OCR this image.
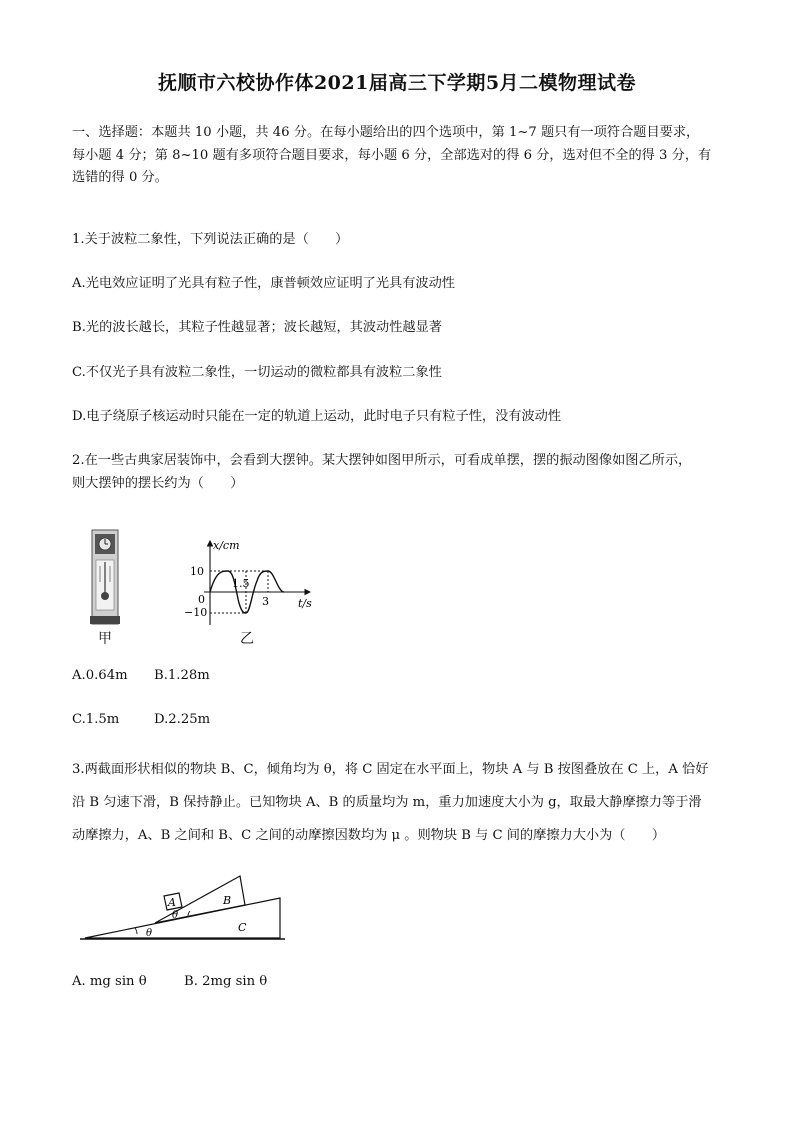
抚顺市六校协作体2021届高三下学期5月二模物理试卷
一、选择题：本题共 10 小题，共 46 分。在每小题给出的四个选项中，第 1~7 题只有一项符合题目要求，
每小题 4 分；第 8~10 题有多项符合题目要求，每小题 6 分，全部选对的得 6 分，选对但不全的得 3 分，有
选错的得 0 分。
1.关于波粒二象性，下列说法正确的是（　　）
A.光电效应证明了光具有粒子性，康普顿效应证明了光具有波动性
B.光的波长越长，其粒子性越显著；波长越短，其波动性越显著
C.不仅光子具有波粒二象性，一切运动的微粒都具有波粒二象性
D.电子绕原子核运动时只能在一定的轨道上运动，此时电子只有粒子性，没有波动性
2.在一些古典家居装饰中，会看到大摆钟。某大摆钟如图甲所示，可看成单摆，摆的振动图像如图乙所示，
则大摆钟的摆长约为（　　）
甲
x/cm
t/s
10
−10
0
1.5
3
乙
A.0.64m B.1.28m
C.1.5m	D.2.25m
3.两截面形状相似的物块 B、C，倾角均为 θ，将 C 固定在水平面上，物块 A 与 B 按图叠放在 C 上，A 恰好
沿 B 匀速下滑，B 保持静止。已知物块 A、B 的质量均为 m，重力加速度大小为 g，取最大静摩擦力等于滑
动摩擦力，A、B 之间和 B、C 之间的动摩擦因数均为 μ 。则物块 B 与 C 间的摩擦力大小为（　　）
A	B
C
θ
θ
A. mg sin θ	B. 2mg sin θ
